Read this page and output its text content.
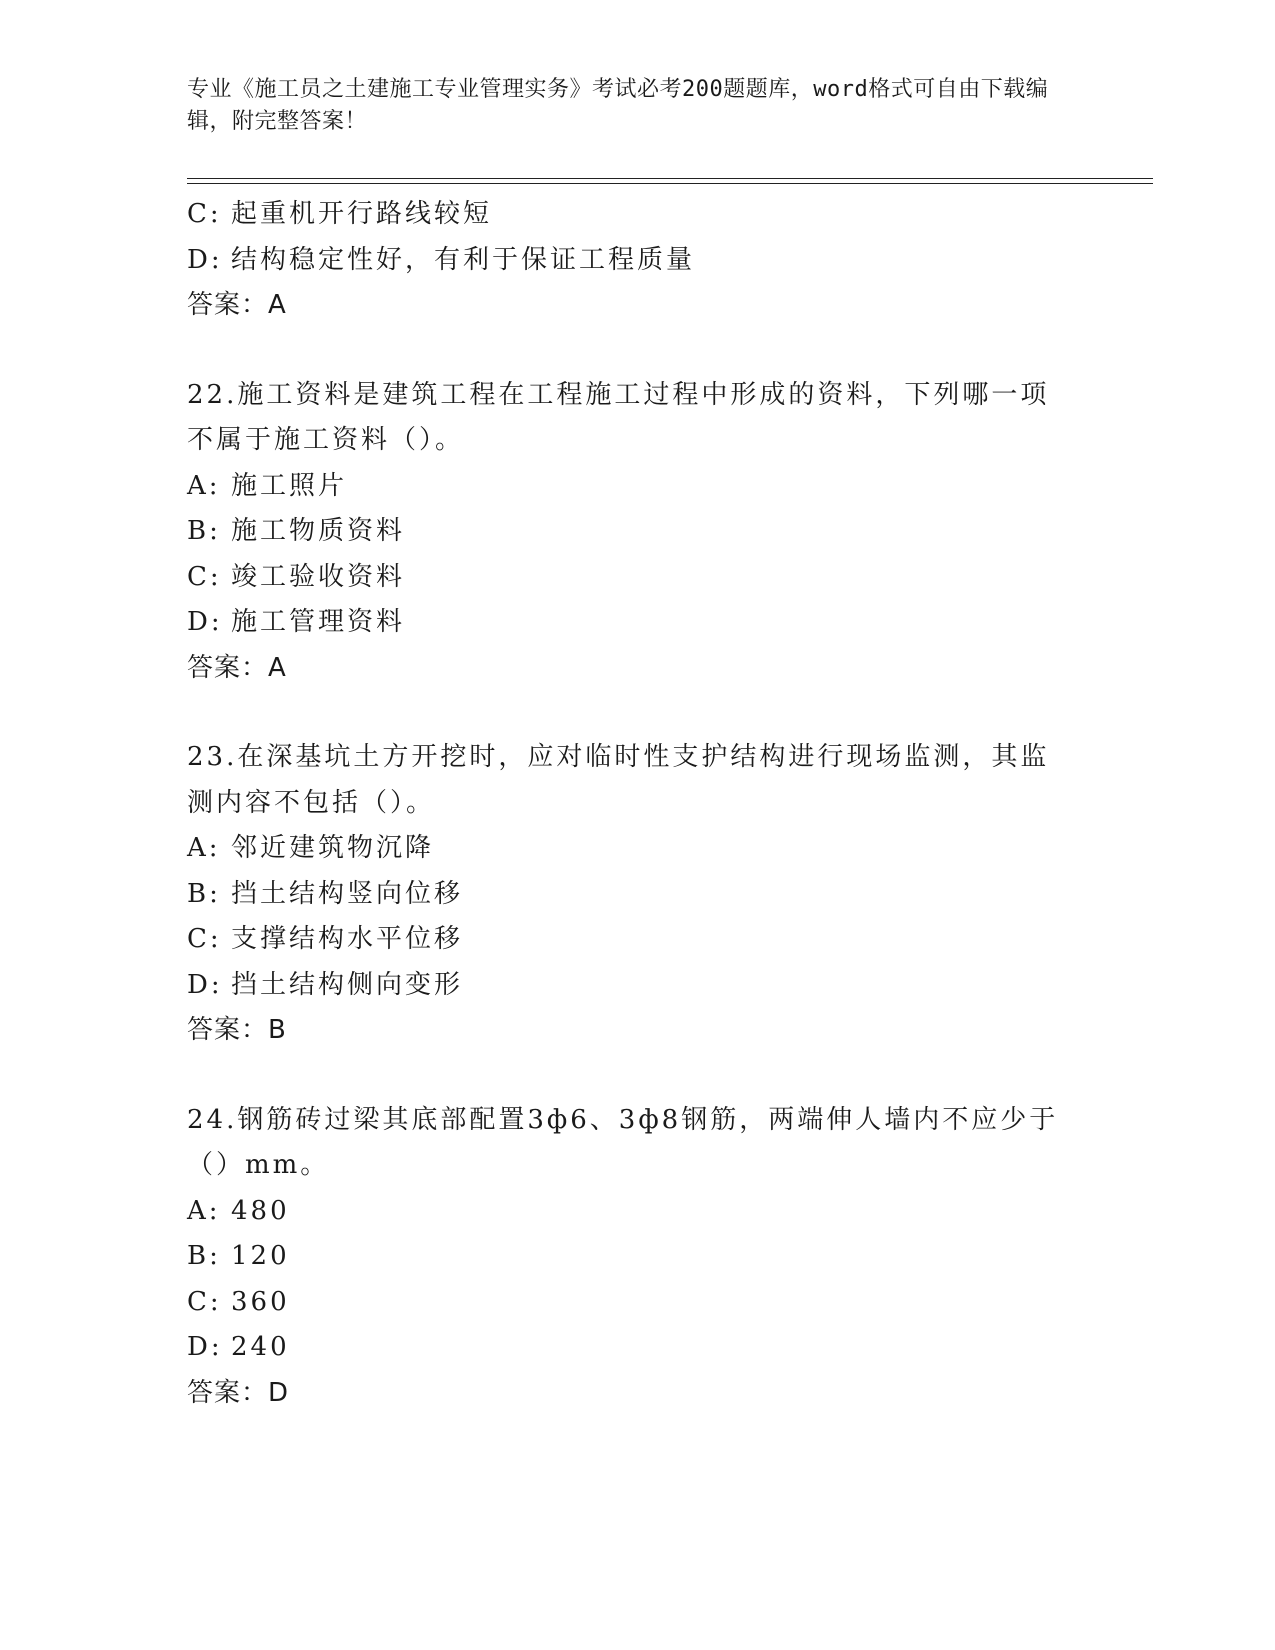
专业《施工员之土建施工专业管理实务》考试必考200题题库，word格式可自由下载编辑，附完整答案！
C: 起重机开行路线较短
D: 结构稳定性好，有利于保证工程质量
答案：A
22.施工资料是建筑工程在工程施工过程中形成的资料，下列哪一项不属于施工资料（）。
A: 施工照片
B: 施工物质资料
C: 竣工验收资料
D: 施工管理资料
答案：A
23.在深基坑土方开挖时，应对临时性支护结构进行现场监测，其监测内容不包括（）。
A: 邻近建筑物沉降
B: 挡土结构竖向位移
C: 支撑结构水平位移
D: 挡土结构侧向变形
答案：B
24.钢筋砖过梁其底部配置3ф6、3ф8钢筋，两端伸人墙内不应少于（）mm。
A: 480
B: 120
C: 360
D: 240
答案：D
